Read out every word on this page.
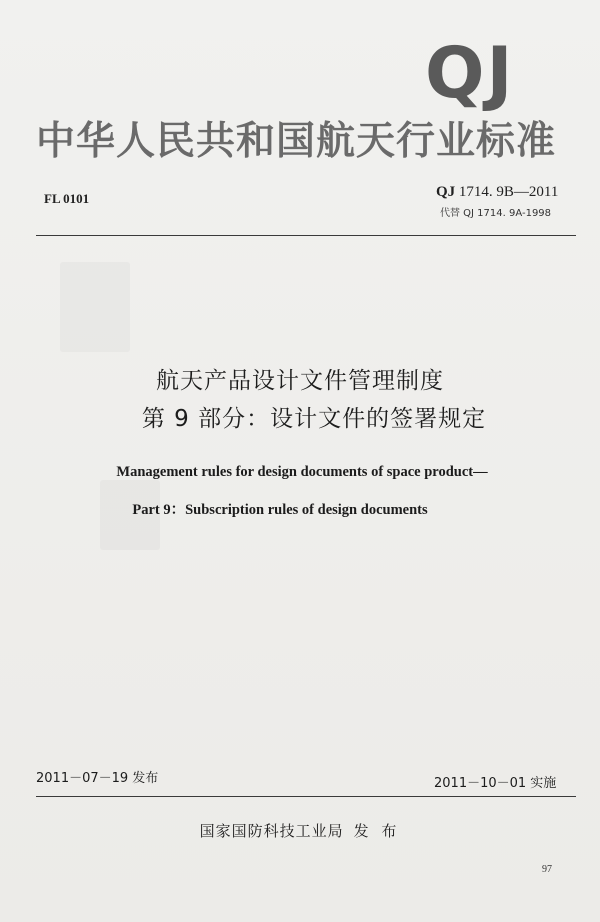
QJ
中华人民共和国航天行业标准
FL 0101	QJ 1714. 9B—2011
代替 QJ 1714. 9A-1998
航天产品设计文件管理制度
第 9 部分：设计文件的签署规定
Management rules for design documents of space product—
Part 9：Subscription rules of design documents
2011－07－19 发布	2011－10－01 实施
国家国防科技工业局 发 布
97
